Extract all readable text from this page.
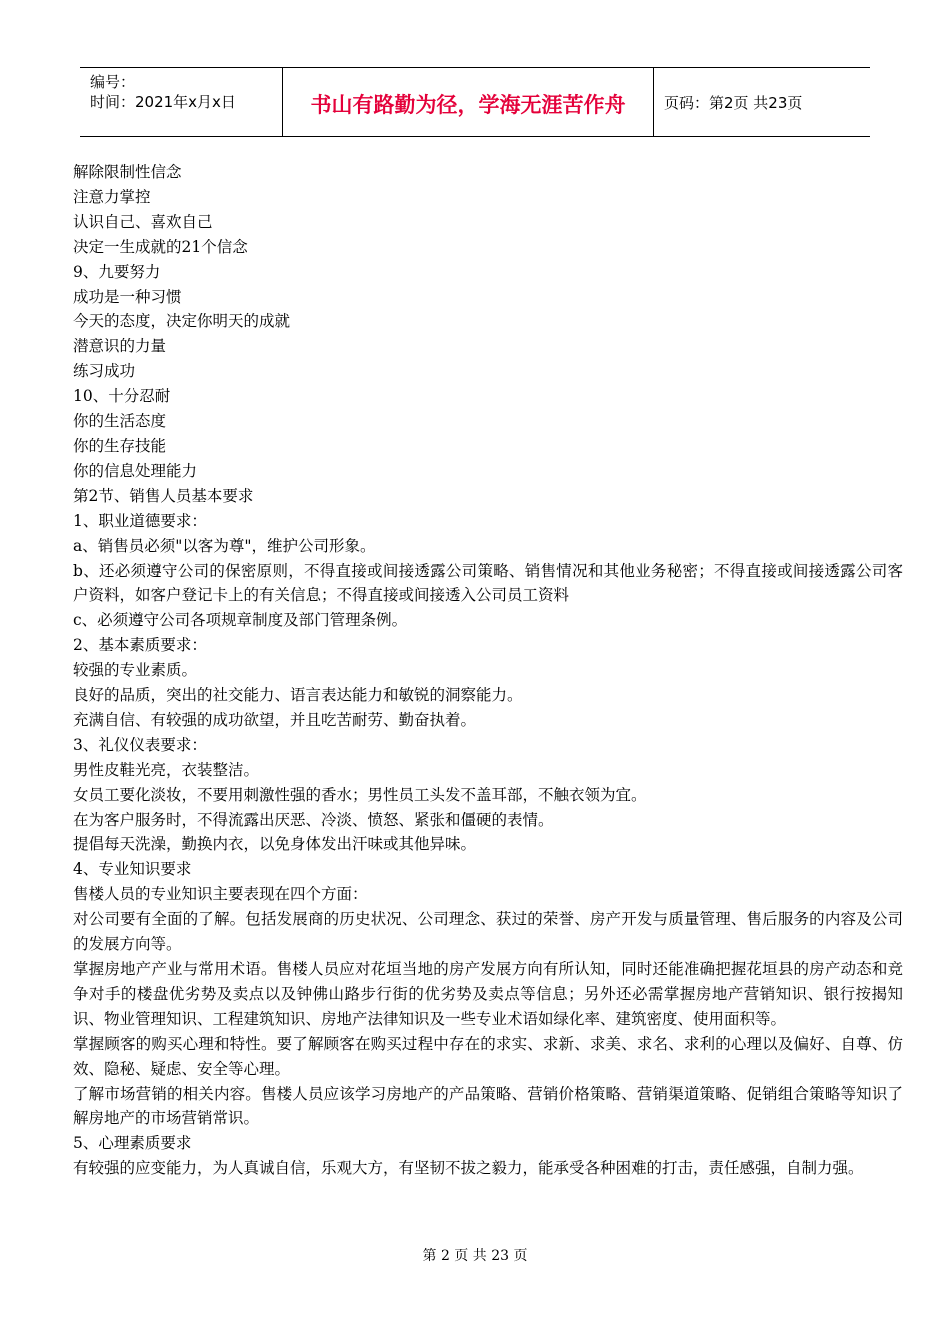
编号：
时间：2021年x月x日	书山有路勤为径，学海无涯苦作舟	页码：第2页 共23页

解除限制性信念

注意力掌控

认识自己、喜欢自己

决定一生成就的21个信念

9、九要努力

成功是一种习惯

今天的态度，决定你明天的成就

潜意识的力量

练习成功

10、十分忍耐

你的生活态度

你的生存技能

你的信息处理能力

第2节、销售人员基本要求

1、职业道德要求：

a、销售员必须"以客为尊"，维护公司形象。

b、还必须遵守公司的保密原则，不得直接或间接透露公司策略、销售情况和其他业务秘密；不得直接或间接透露公司客户资料，如客户登记卡上的有关信息；不得直接或间接透入公司员工资料

c、必须遵守公司各项规章制度及部门管理条例。

2、基本素质要求：

较强的专业素质。

良好的品质，突出的社交能力、语言表达能力和敏锐的洞察能力。

充满自信、有较强的成功欲望，并且吃苦耐劳、勤奋执着。

3、礼仪仪表要求：

男性皮鞋光亮，衣装整洁。

女员工要化淡妆，不要用刺激性强的香水；男性员工头发不盖耳部，不触衣领为宜。

在为客户服务时，不得流露出厌恶、冷淡、愤怒、紧张和僵硬的表情。

提倡每天洗澡，勤换内衣，以免身体发出汗味或其他异味。

4、专业知识要求

售楼人员的专业知识主要表现在四个方面：

对公司要有全面的了解。包括发展商的历史状况、公司理念、获过的荣誉、房产开发与质量管理、售后服务的内容及公司的发展方向等。

掌握房地产产业与常用术语。售楼人员应对花垣当地的房产发展方向有所认知，同时还能准确把握花垣县的房产动态和竞争对手的楼盘优劣势及卖点以及钟佛山路步行街的优劣势及卖点等信息；另外还必需掌握房地产营销知识、银行按揭知识、物业管理知识、工程建筑知识、房地产法律知识及一些专业术语如绿化率、建筑密度、使用面积等。

掌握顾客的购买心理和特性。要了解顾客在购买过程中存在的求实、求新、求美、求名、求利的心理以及偏好、自尊、仿效、隐秘、疑虑、安全等心理。

了解市场营销的相关内容。售楼人员应该学习房地产的产品策略、营销价格策略、营销渠道策略、促销组合策略等知识了解房地产的市场营销常识。

5、心理素质要求

有较强的应变能力，为人真诚自信，乐观大方，有坚韧不拔之毅力，能承受各种困难的打击，责任感强，自制力强。

第 2 页 共 23 页
